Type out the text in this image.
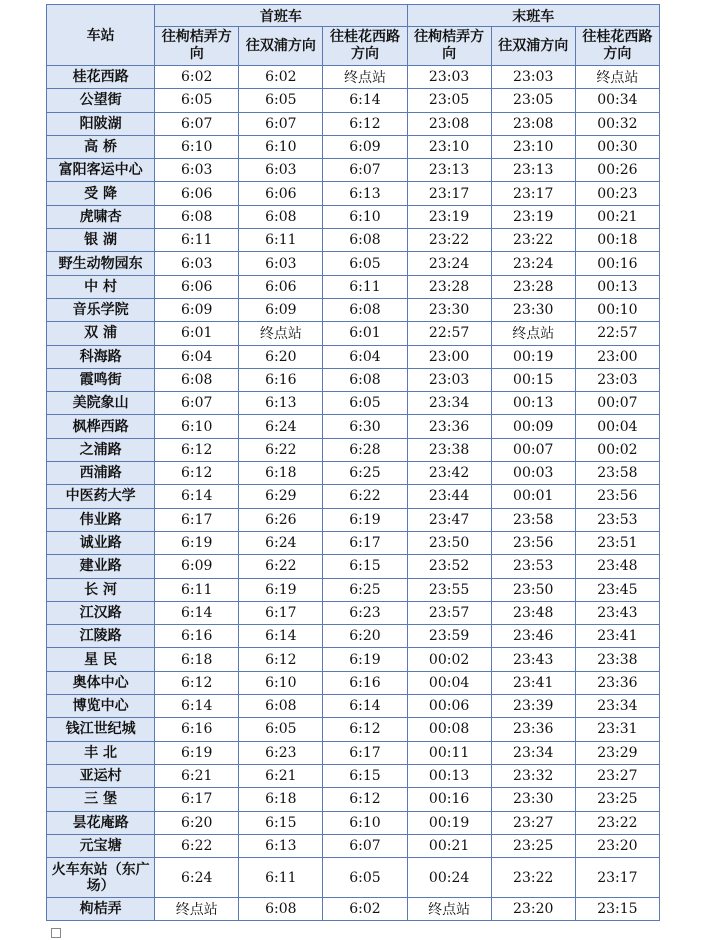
车站	首班车			末班车		
	往枸桔弄方向	往双浦方向	往桂花西路方向	往枸桔弄方向	往双浦方向	往桂花西路方向
桂花西路	6:02	6:02	终点站	23:03	23:03	终点站
公望街	6:05	6:05	6:14	23:05	23:05	00:34
阳陂湖	6:07	6:07	6:12	23:08	23:08	00:32
高 桥	6:10	6:10	6:09	23:10	23:10	00:30
富阳客运中心	6:03	6:03	6:07	23:13	23:13	00:26
受 降	6:06	6:06	6:13	23:17	23:17	00:23
虎啸杏	6:08	6:08	6:10	23:19	23:19	00:21
银 湖	6:11	6:11	6:08	23:22	23:22	00:18
野生动物园东	6:03	6:03	6:05	23:24	23:24	00:16
中 村	6:06	6:06	6:11	23:28	23:28	00:13
音乐学院	6:09	6:09	6:08	23:30	23:30	00:10
双 浦	6:01	终点站	6:01	22:57	终点站	22:57
科海路	6:04	6:20	6:04	23:00	00:19	23:00
霞鸣街	6:08	6:16	6:08	23:03	00:15	23:03
美院象山	6:07	6:13	6:05	23:34	00:13	00:07
枫桦西路	6:10	6:24	6:30	23:36	00:09	00:04
之浦路	6:12	6:22	6:28	23:38	00:07	00:02
西浦路	6:12	6:18	6:25	23:42	00:03	23:58
中医药大学	6:14	6:29	6:22	23:44	00:01	23:56
伟业路	6:17	6:26	6:19	23:47	23:58	23:53
诚业路	6:19	6:24	6:17	23:50	23:56	23:51
建业路	6:09	6:22	6:15	23:52	23:53	23:48
长 河	6:11	6:19	6:25	23:55	23:50	23:45
江汉路	6:14	6:17	6:23	23:57	23:48	23:43
江陵路	6:16	6:14	6:20	23:59	23:46	23:41
星 民	6:18	6:12	6:19	00:02	23:43	23:38
奥体中心	6:12	6:10	6:16	00:04	23:41	23:36
博览中心	6:14	6:08	6:14	00:06	23:39	23:34
钱江世纪城	6:16	6:05	6:12	00:08	23:36	23:31
丰 北	6:19	6:23	6:17	00:11	23:34	23:29
亚运村	6:21	6:21	6:15	00:13	23:32	23:27
三 堡	6:17	6:18	6:12	00:16	23:30	23:25
昙花庵路	6:20	6:15	6:10	00:19	23:27	23:22
元宝塘	6:22	6:13	6:07	00:21	23:25	23:20
火车东站（东广场）	6:24	6:11	6:05	00:24	23:22	23:17
枸桔弄	终点站	6:08	6:02	终点站	23:20	23:15
